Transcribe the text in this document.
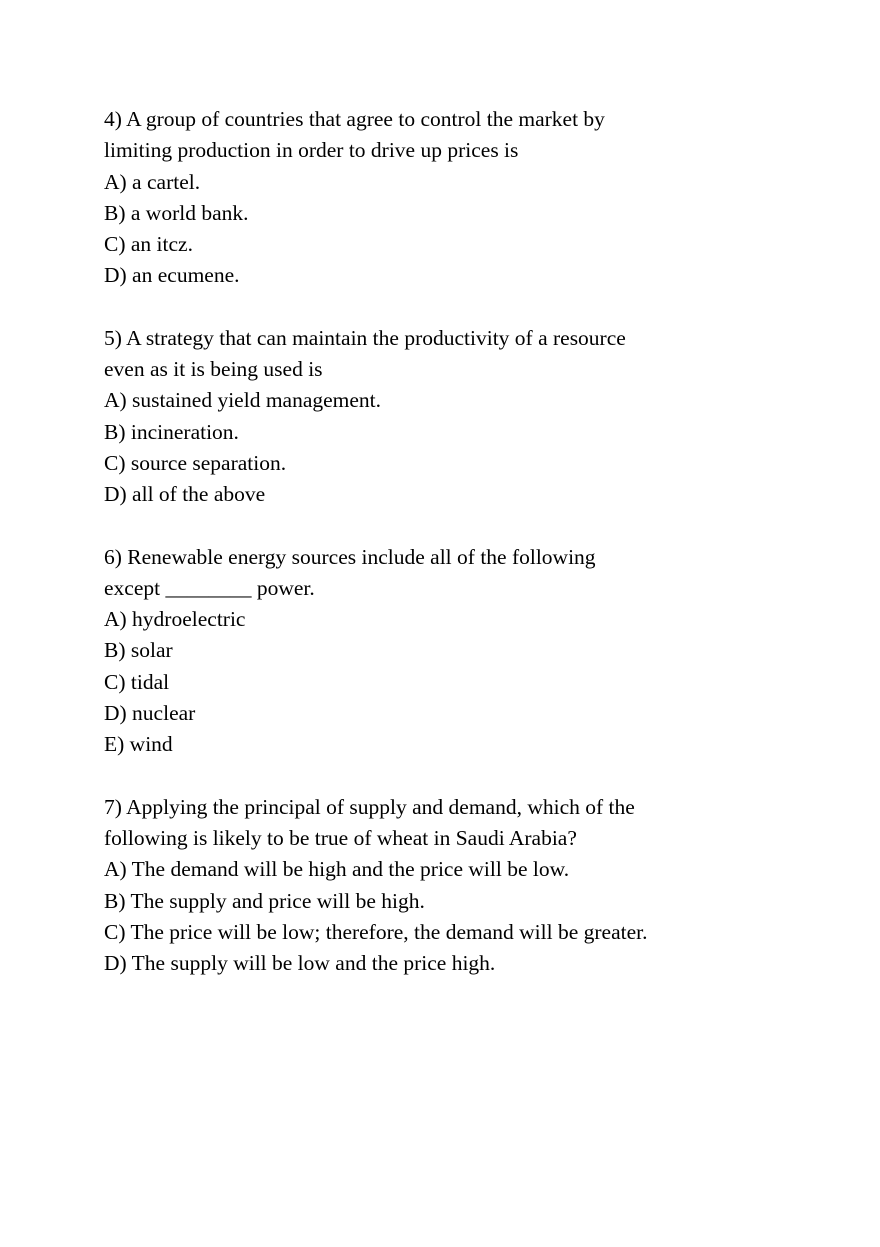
4) A group of countries that agree to control the market by
limiting production in order to drive up prices is
A) a cartel.
B) a world bank.
C) an itcz.
D) an ecumene.
5) A strategy that can maintain the productivity of a resource
even as it is being used is
A) sustained yield management.
B) incineration.
C) source separation.
D) all of the above
6) Renewable energy sources include all of the following
except ________ power.
A) hydroelectric
B) solar
C) tidal
D) nuclear
E) wind
7) Applying the principal of supply and demand, which of the
following is likely to be true of wheat in Saudi Arabia?
A) The demand will be high and the price will be low.
B) The supply and price will be high.
C) The price will be low; therefore, the demand will be greater.
D) The supply will be low and the price high.
